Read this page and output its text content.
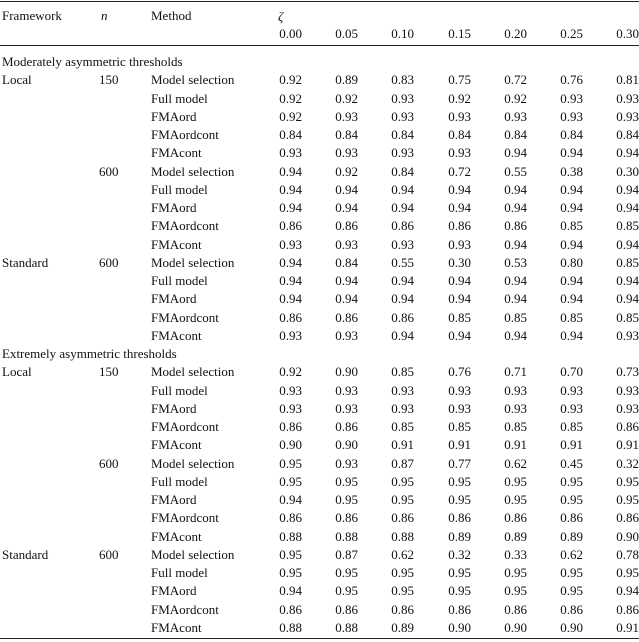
Framework	n	Method	ζ
0.00	0.05	0.10	0.15	0.20	0.25	0.30
Moderately asymmetric thresholds
Local	150	Model selection	0.92	0.89	0.83	0.75	0.72	0.76	0.81
Full model	0.92	0.92	0.93	0.92	0.92	0.93	0.93
FMAord	0.92	0.93	0.93	0.93	0.93	0.93	0.93
FMAordcont	0.84	0.84	0.84	0.84	0.84	0.84	0.84
FMAcont	0.93	0.93	0.93	0.93	0.94	0.94	0.94
600	Model selection	0.94	0.92	0.84	0.72	0.55	0.38	0.30
Full model	0.94	0.94	0.94	0.94	0.94	0.94	0.94
FMAord	0.94	0.94	0.94	0.94	0.94	0.94	0.94
FMAordcont	0.86	0.86	0.86	0.86	0.86	0.85	0.85
FMAcont	0.93	0.93	0.93	0.93	0.94	0.94	0.94
Standard	600	Model selection	0.94	0.84	0.55	0.30	0.53	0.80	0.85
Full model	0.94	0.94	0.94	0.94	0.94	0.94	0.94
FMAord	0.94	0.94	0.94	0.94	0.94	0.94	0.94
FMAordcont	0.86	0.86	0.86	0.85	0.85	0.85	0.85
FMAcont	0.93	0.93	0.94	0.94	0.94	0.94	0.93
Extremely asymmetric thresholds
Local	150	Model selection	0.92	0.90	0.85	0.76	0.71	0.70	0.73
Full model	0.93	0.93	0.93	0.93	0.93	0.93	0.93
FMAord	0.93	0.93	0.93	0.93	0.93	0.93	0.93
FMAordcont	0.86	0.86	0.85	0.85	0.85	0.85	0.86
FMAcont	0.90	0.90	0.91	0.91	0.91	0.91	0.91
600	Model selection	0.95	0.93	0.87	0.77	0.62	0.45	0.32
Full model	0.95	0.95	0.95	0.95	0.95	0.95	0.95
FMAord	0.94	0.95	0.95	0.95	0.95	0.95	0.95
FMAordcont	0.86	0.86	0.86	0.86	0.86	0.86	0.86
FMAcont	0.88	0.88	0.88	0.89	0.89	0.89	0.90
Standard	600	Model selection	0.95	0.87	0.62	0.32	0.33	0.62	0.78
Full model	0.95	0.95	0.95	0.95	0.95	0.95	0.95
FMAord	0.94	0.95	0.95	0.95	0.95	0.95	0.94
FMAordcont	0.86	0.86	0.86	0.86	0.86	0.86	0.86
FMAcont	0.88	0.88	0.89	0.90	0.90	0.90	0.91
